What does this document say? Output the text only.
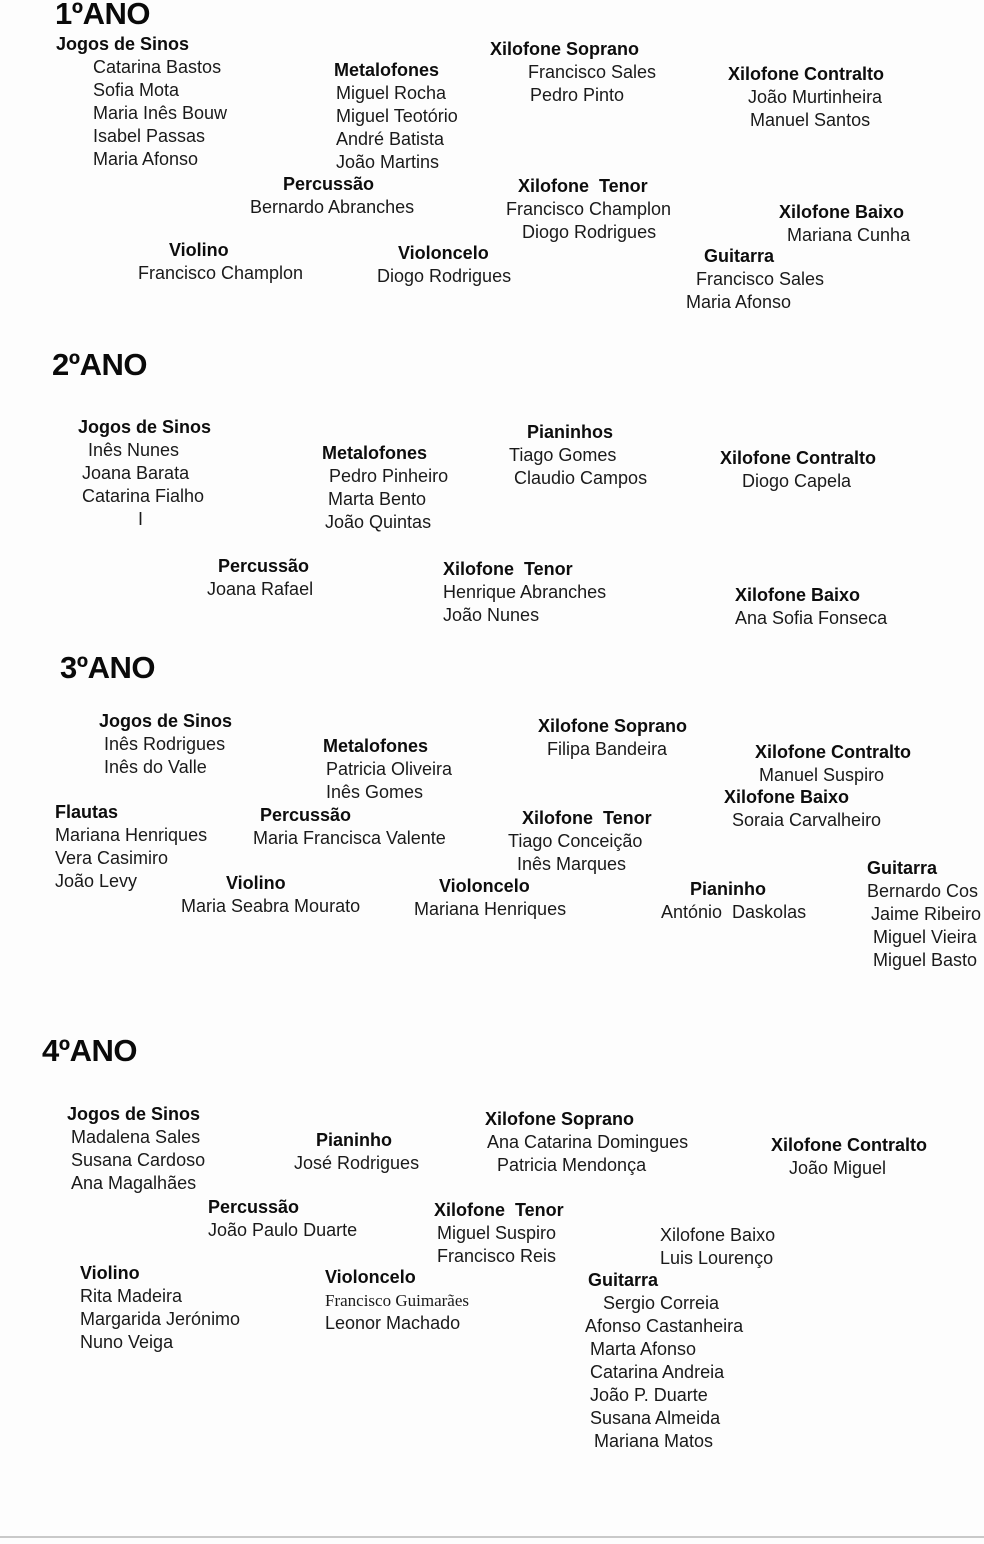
1ºANO
Jogos de Sinos
Catarina Bastos
Sofia Mota
Maria Inês Bouw
Isabel Passas
Maria Afonso
Metalofones
Miguel Rocha
Miguel Teotório
André Batista
João Martins
Xilofone Soprano
Francisco Sales
Pedro Pinto
Xilofone Contralto
João Murtinheira
Manuel Santos
Percussão
Bernardo Abranches
Xilofone  Tenor
Francisco Champlon
Diogo Rodrigues
Xilofone Baixo
Mariana Cunha
Violino
Francisco Champlon
Violoncelo
Diogo Rodrigues
Guitarra
Francisco Sales
Maria Afonso
2ºANO
Jogos de Sinos
Inês Nunes
Joana Barata
Catarina Fialho
I
Metalofones
Pedro Pinheiro
Marta Bento
João Quintas
Pianinhos
Tiago Gomes
Claudio Campos
Xilofone Contralto
Diogo Capela
Percussão
Joana Rafael
Xilofone  Tenor
Henrique Abranches
João Nunes
Xilofone Baixo
Ana Sofia Fonseca
3ºANO
Jogos de Sinos
Inês Rodrigues
Inês do Valle
Metalofones
Patricia Oliveira
Inês Gomes
Xilofone Soprano
Filipa Bandeira	Xilofone Contralto
Manuel Suspiro
Xilofone Baixo
Soraia Carvalheiro
Flautas
Mariana Henriques
Vera Casimiro
João Levy
Percussão
Maria Francisca Valente
Xilofone  Tenor
Tiago Conceição
Inês Marques
Violino
Maria Seabra Mourato
Violoncelo
Mariana Henriques
Pianinho
António  Daskolas
Guitarra
Bernardo Cos
Jaime Ribeiro
Miguel Vieira
Miguel Basto
4ºANO
Jogos de Sinos
Madalena Sales
Susana Cardoso
Ana Magalhães
Pianinho
José Rodrigues
Xilofone Soprano
Ana Catarina Domingues
Patricia Mendonça
Xilofone Contralto
João Miguel
Percussão
João Paulo Duarte
Xilofone  Tenor
Miguel Suspiro
Francisco Reis
Xilofone Baixo
Luis Lourenço
Violino
Rita Madeira
Margarida Jerónimo
Nuno Veiga
Violoncelo
Francisco Guimarães
Leonor Machado
Guitarra
Sergio Correia
Afonso Castanheira
Marta Afonso
Catarina Andreia
João P. Duarte
Susana Almeida
Mariana Matos
